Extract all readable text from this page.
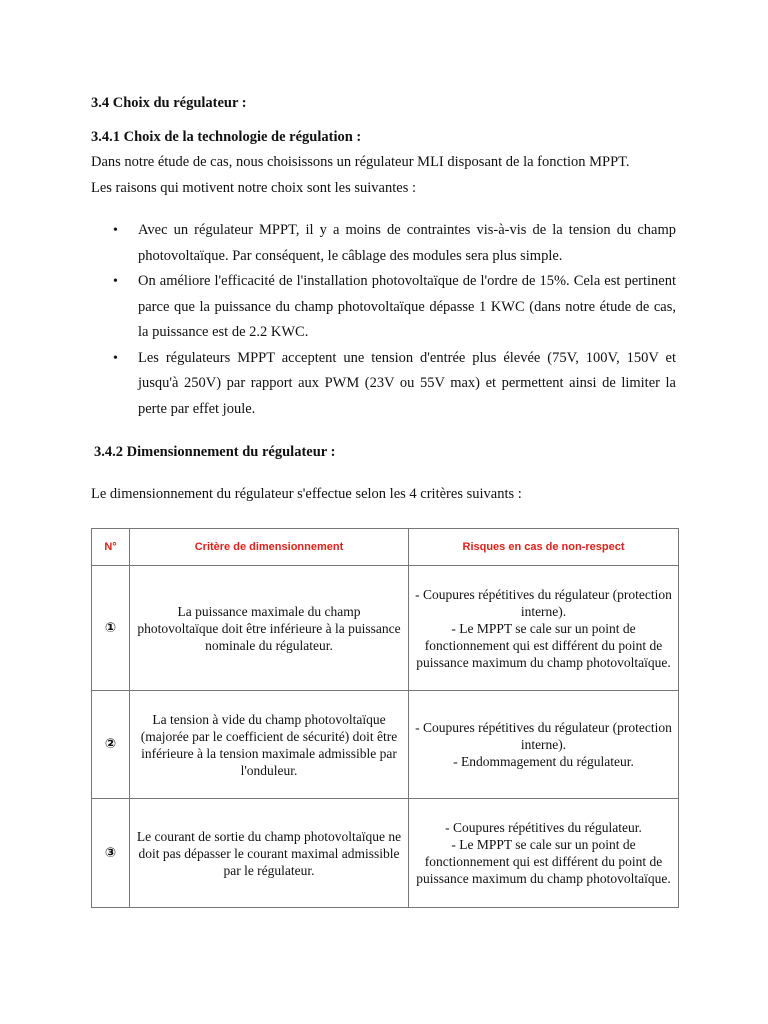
3.4 Choix du régulateur :
3.4.1 Choix de la technologie de régulation :

Dans notre étude de cas, nous choisissons un régulateur MLI disposant de la fonction MPPT.

Les raisons qui motivent notre choix sont les suivantes :

• Avec un régulateur MPPT, il y a moins de contraintes vis-à-vis de la tension du champ photovoltaïque. Par conséquent, le câblage des modules sera plus simple.
• On améliore l'efficacité de l'installation photovoltaïque de l'ordre de 15%. Cela est pertinent parce que la puissance du champ photovoltaïque dépasse 1 KWC (dans notre étude de cas, la puissance est de 2.2 KWC.
• Les régulateurs MPPT acceptent une tension d'entrée plus élevée (75V, 100V, 150V et jusqu'à 250V) par rapport aux PWM (23V ou 55V max) et permettent ainsi de limiter la perte par effet joule.
3.4.2 Dimensionnement du régulateur :

Le dimensionnement du régulateur s'effectue selon les 4 critères suivants :

N°	Critère de dimensionnement	Risques en cas de non-respect
①	La puissance maximale du champ photovoltaïque doit être inférieure à la puissance nominale du régulateur.	- Coupures répétitives du régulateur (protection interne).
- Le MPPT se cale sur un point de fonctionnement qui est différent du point de puissance maximum du champ photovoltaïque.

②	La tension à vide du champ photovoltaïque (majorée par le coefficient de sécurité) doit être inférieure à la tension maximale admissible par l'onduleur.	- Coupures répétitives du régulateur (protection interne).
- Endommagement du régulateur.

③	Le courant de sortie du champ photovoltaïque ne doit pas dépasser le courant maximal admissible par le régulateur.	- Coupures répétitives du régulateur.
- Le MPPT se cale sur un point de fonctionnement qui est différent du point de puissance maximum du champ photovoltaïque.
